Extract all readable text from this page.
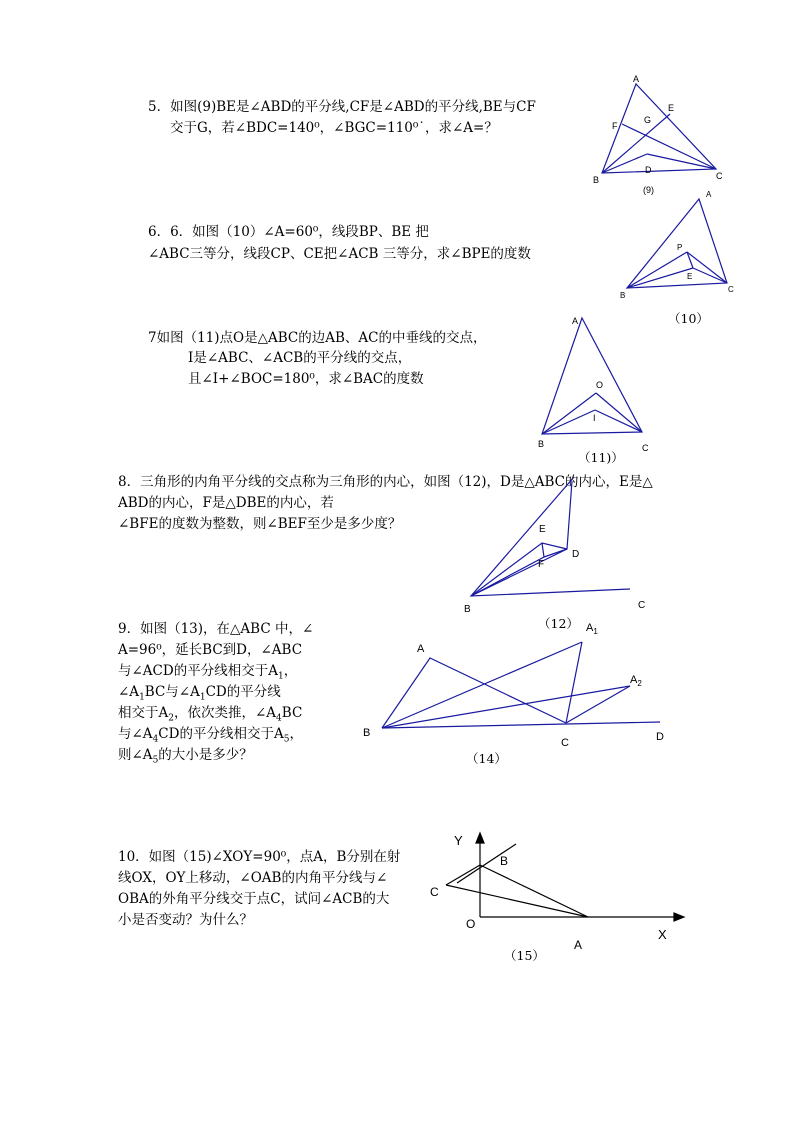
5．如图(9)BE是∠ABD的平分线,CF是∠ABD的平分线,BE与CF
交于G，若∠BDC=140⁰，∠BGC=110⁰˙，求∠A=？
A
B	C
D
E
F
G
(9)
6．6．如图（10）∠A=60⁰，线段BP、BE 把
∠ABC三等分，线段CP、CE把∠ACB 三等分，求∠BPE的度数
A
B
C
P
E
（10）
7如图（11)点O是△ABC的边AB、AC的中垂线的交点，
I是∠ABC、∠ACB的平分线的交点，
且∠I+∠BOC=180⁰，求∠BAC的度数
A
B	C
O
I
（11)）
8．三角形的内角平分线的交点称为三角形的内心，如图（12)，D是△ABC的内心，E是△
ABD的内心，F是△DBE的内心，若
∠BFE的度数为整数，则∠BEF至少是多少度？
B	C
D
E
F
（12）
9．如图（13)，在△ABC 中，∠
A=96⁰，延长BC到D，∠ABC
与∠ACD的平分线相交于$A_1$，
$\angle A_1BC$与$\angle A_1CD$的平分线
相交于$A_2$，依次类推，$\angle A_4BC$
与$\angle A_4CD$的平分线相交于$A_5$，
则$\angle A_5$的大小是多少？
B
A
C	D
$A_1$
$A_2$
（14）
10．如图（15)∠XOY=90⁰，点A，B分别在射
线OX，OY上移动，∠OAB的内角平分线与∠
OBA的外角平分线交于点C，试问∠ACB的大
小是否变动？为什么？
Y
X
O
A
B
C
（15）
